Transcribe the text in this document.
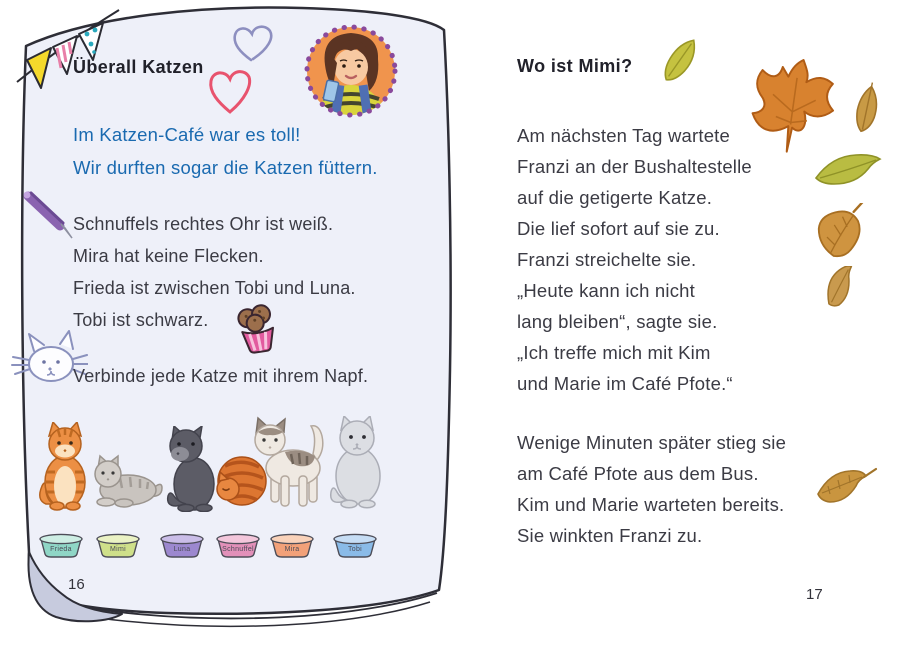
Überall Katzen
Im Katzen-Café war es toll!
Wir durften sogar die Katzen füttern.
Schnuffels rechtes Ohr ist weiß.
Mira hat keine Flecken.
Frieda ist zwischen Tobi und Luna.
Tobi ist schwarz.
Verbinde jede Katze mit ihrem Napf.
Frieda	Mimi	Luna	Schnuffel	Mira	Tobi
16
Wo ist Mimi?
Am nächsten Tag wartete
Franzi an der Bushaltestelle
auf die getigerte Katze.
Die lief sofort auf sie zu.
Franzi streichelte sie.
„Heute kann ich nicht
lang bleiben“, sagte sie.
„Ich treffe mich mit Kim
und Marie im Café Pfote.“
Wenige Minuten später stieg sie
am Café Pfote aus dem Bus.
Kim und Marie warteten bereits.
Sie winkten Franzi zu.
17
